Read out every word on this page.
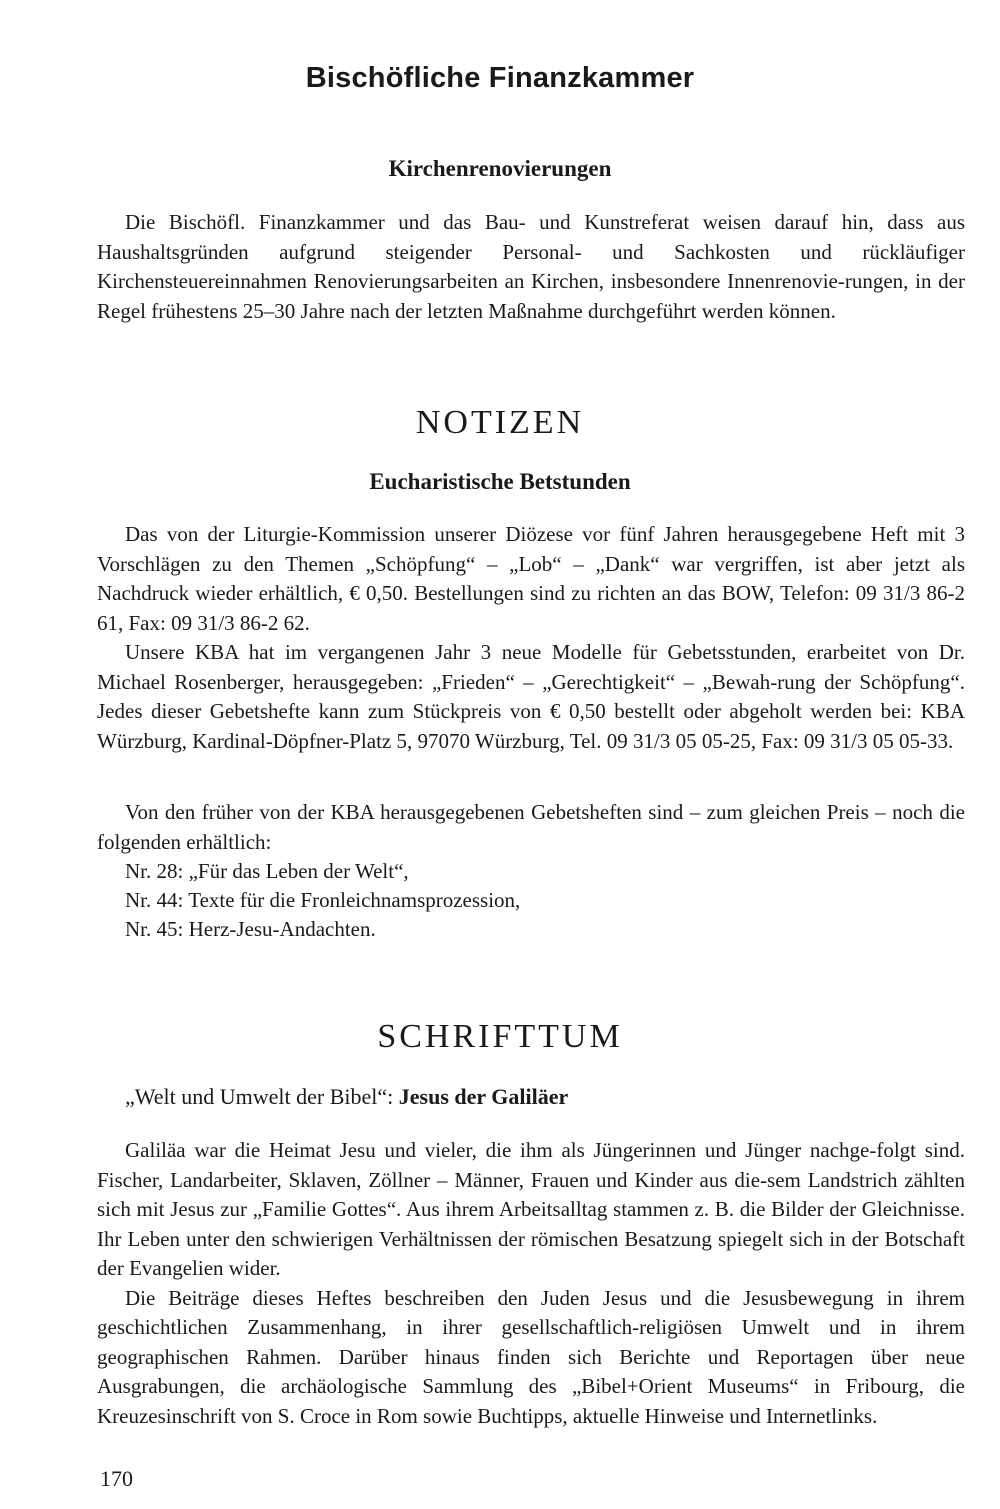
Bischöfliche Finanzkammer
Kirchenrenovierungen

Die Bischöfl. Finanzkammer und das Bau- und Kunstreferat weisen darauf hin, dass aus Haushaltsgründen aufgrund steigender Personal- und Sachkosten und rückläufiger Kirchensteuereinnahmen Renovierungsarbeiten an Kirchen, insbesondere Innenrenovie-rungen, in der Regel frühestens 25–30 Jahre nach der letzten Maßnahme durchgeführt werden können.

NOTIZEN
Eucharistische Betstunden

Das von der Liturgie-Kommission unserer Diözese vor fünf Jahren herausgegebene Heft mit 3 Vorschlägen zu den Themen „Schöpfung“ – „Lob“ – „Dank“ war vergriffen, ist aber jetzt als Nachdruck wieder erhältlich, € 0,50. Bestellungen sind zu richten an das BOW, Telefon: 09 31/3 86-2 61, Fax: 09 31/3 86-2 62.

Unsere KBA hat im vergangenen Jahr 3 neue Modelle für Gebetsstunden, erarbeitet von Dr. Michael Rosenberger, herausgegeben: „Frieden“ – „Gerechtigkeit“ – „Bewah-rung der Schöpfung“. Jedes dieser Gebetshefte kann zum Stückpreis von € 0,50 bestellt oder abgeholt werden bei: KBA Würzburg, Kardinal-Döpfner-Platz 5, 97070 Würzburg, Tel. 09 31/3 05 05-25, Fax: 09 31/3 05 05-33.

Von den früher von der KBA herausgegebenen Gebetsheften sind – zum gleichen Preis – noch die folgenden erhältlich:

Nr. 28: „Für das Leben der Welt“,
Nr. 44: Texte für die Fronleichnamsprozession,
Nr. 45: Herz-Jesu-Andachten.
SCHRIFTTUM
„Welt und Umwelt der Bibel“: Jesus der Galiläer

Galiläa war die Heimat Jesu und vieler, die ihm als Jüngerinnen und Jünger nachge-folgt sind. Fischer, Landarbeiter, Sklaven, Zöllner – Männer, Frauen und Kinder aus die-sem Landstrich zählten sich mit Jesus zur „Familie Gottes“. Aus ihrem Arbeitsalltag stammen z. B. die Bilder der Gleichnisse. Ihr Leben unter den schwierigen Verhältnissen der römischen Besatzung spiegelt sich in der Botschaft der Evangelien wider.

Die Beiträge dieses Heftes beschreiben den Juden Jesus und die Jesusbewegung in ihrem geschichtlichen Zusammenhang, in ihrer gesellschaftlich-religiösen Umwelt und in ihrem geographischen Rahmen. Darüber hinaus finden sich Berichte und Reportagen über neue Ausgrabungen, die archäologische Sammlung des „Bibel+Orient Museums“ in Fribourg, die Kreuzesinschrift von S. Croce in Rom sowie Buchtipps, aktuelle Hinweise und Internetlinks.

170
